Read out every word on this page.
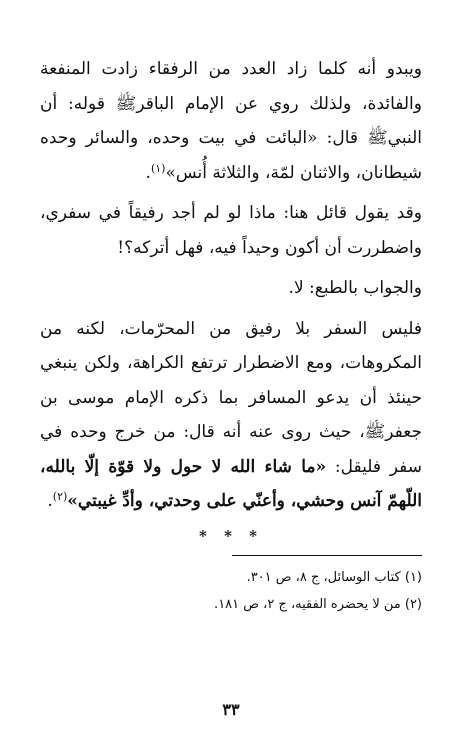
ويبدو أنه كلما زاد العدد من الرفقاء زادت المنفعة والفائدة، ولذلك روي عن الإمام الباقرﷺ قوله: أن النبيﷺ قال: «البائت في بيت وحده، والسائر وحده شيطانان، والاثنان لمّة، والثلاثة أُنس»$^{(١)}$.

وقد يقول قائل هنا: ماذا لو لم أجد رفيقاً في سفري، واضطررت أن أكون وحيداً فيه، فهل أتركه؟!

والجواب بالطبع: لا.

فليس السفر بلا رفيق من المحرّمات، لكنه من المكروهات، ومع الاضطرار ترتفع الكراهة، ولكن ينبغي حينئذ أن يدعو المسافر بما ذكره الإمام موسى بن جعفرﷺ، حيث روى عنه أنه قال: من خرج وحده في سفر فليقل: «ما شاء الله لا حول ولا قوّة إلّا بالله، اللّهمّ آنس وحشي، وأعنّي على وحدتي، وأدِّ غيبتي»$^{(٢)}$.

* * *

(١) كتاب الوسائل، ج ٨، ص ٣٠١.

(٢) من لا يحضره الفقيه، ج ٢، ص ١٨١.

٣٣
